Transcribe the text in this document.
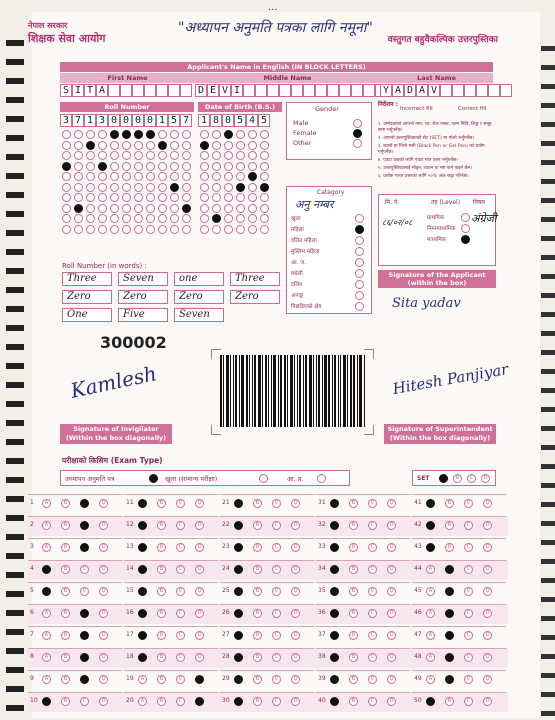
...
नेपाल सरकार
शिक्षक सेवा आयोग
"अध्यापन अनुमति पत्रका लागि नमूना"
वस्तुगत बहुवैकल्पिक उत्तरपुस्तिका
Applicant's Name in English (IN BLOCK LETTERS)
First Name	Middle Name	Last Name
S I T A	D E V I	Y A D A V
Roll Number
3 7 1 3 0 0 0 0 1 5 7
Date of Birth (B.S.)
1 8 0 5 4 5
Gender
Male
Female
Other
निर्देशन :
Incorrect fill	Correct fill
१. उम्मेदवारले आफ्नो नाम, थर, रोल नम्बर, जन्म मिति, लिङ्ग र समूह स्पष्ट भर्नुपर्नेछ।
२. आफ्नो उत्तरपुस्तिकाको सेट (SET) मा गोलो भर्नुपर्नेछ।
३. कालो वा निलो मसी (Black Pen or Gel Pen) को प्रयोग गर्नुपर्नेछ।
४. एउटा प्रश्नको लागि एउटा मात्र उत्तर भर्नुपर्नेछ।
५. उत्तरपुस्तिकालाई मोड्न, च्यात्न वा नष्ट पार्न पाइने छैन।
६. प्रत्येक गलत उत्तरका लागि २०% अंक कट्टा गरिनेछ।
Category
अनु नम्बर
खुला
महिला
दलित महिला
मुस्लिम महिला
आ. ज.
मधेसी
दलित
अपाङ्ग
पिछडिएको क्षेत्र
मि. ने.	तह (Level) विषय
८६/०२/०८	प्राथमिक
निम्नमाध्यमिक
माध्यमिक
अंग्रेजी
Signature of the Applicant
(within the box)
Sita yadav
Roll Number (in words) :
Three	Seven	one	Three
Zero	Zero	Zero	Zero
One	Five	Seven
300002
Kamlesh
Signature of Invigilator
(Within the box diagonally)
Hitesh Panjiyar
Signature of Superintendent
(Within the box diagonally)
परीक्षाको किसिम (Exam Type)
अध्यापन अनुमति पत्र	खुला (सामान्य परीक्षा)	आ. प्र.	SET	B	C	D
1	A	B	D	11	B	C	D	21	B	C	D	31	B	C	D	41	B	C	D
2	A	B	D	12	B	C	D	22	B	C	D	32	B	C	D	42	B	C	D
3	A	B	D	13	B	C	D	23	B	C	D	33	B	C	D	43	B	C	D
4	B	C	D	14	B	C	D	24	B	C	D	34	B	C	D	44	A	C	D
5	B	C	D	15	B	C	D	25	B	C	D	35	B	C	D	45	A	C	D
6	A	B	D	16	B	C	D	26	B	C	D	36	B	C	D	46	A	C	D
7	A	B	D	17	B	C	D	27	B	C	D	37	B	C	D	47	A	C	D
8	A	B	D	18	B	C	D	28	B	C	D	38	B	C	D	48	A	C	D
9	A	B	D	19	A	B	C	29	B	C	D	39	B	C	D	49	A	C	D
10	B	C	D	20	A	B	C	30	B	C	D	40	B	C	D	50	B	C	D
